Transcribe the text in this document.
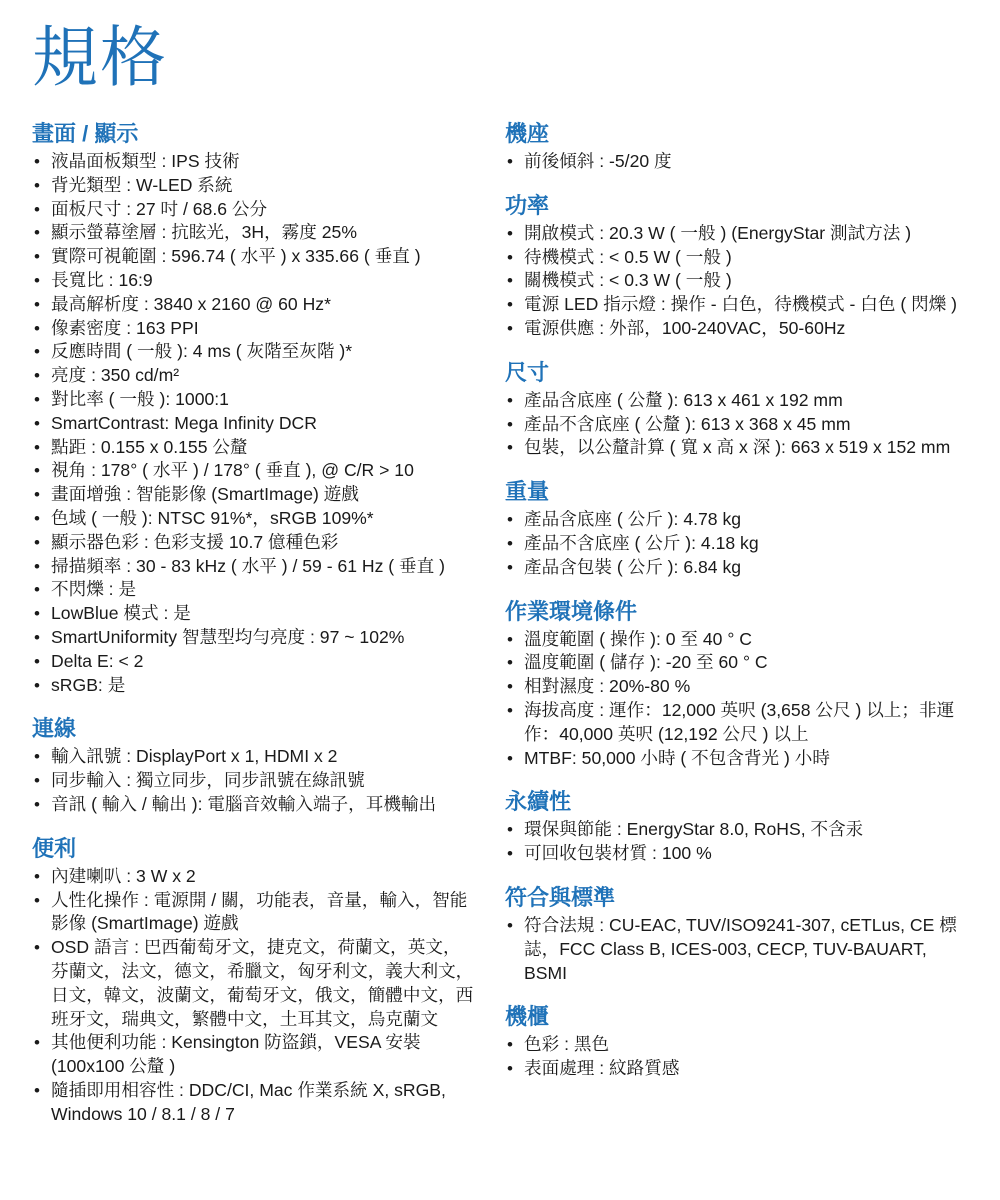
規格
畫面 / 顯示
• 液晶面板類型 : IPS 技術
• 背光類型 : W-LED 系統
• 面板尺寸 : 27 吋 / 68.6 公分
• 顯示螢幕塗層 : 抗眩光，3H，霧度 25%
• 實際可視範圍 : 596.74 ( 水平 ) x 335.66 ( 垂直 )
• 長寬比 : 16:9
• 最高解析度 : 3840 x 2160 @ 60 Hz*
• 像素密度 : 163 PPI
• 反應時間 ( 一般 ): 4 ms ( 灰階至灰階 )*
• 亮度 : 350 cd/m²
• 對比率 ( 一般 ): 1000:1
• SmartContrast: Mega Infinity DCR
• 點距 : 0.155 x 0.155 公釐
• 視角 : 178° ( 水平 ) / 178° ( 垂直 ), @ C/R > 10
• 畫面增強 : 智能影像 (SmartImage) 遊戲
• 色域 ( 一般 ): NTSC 91%*，sRGB 109%*
• 顯示器色彩 : 色彩支援 10.7 億種色彩
• 掃描頻率 : 30 - 83 kHz ( 水平 ) / 59 - 61 Hz ( 垂直 )
• 不閃爍 : 是
• LowBlue 模式 : 是
• SmartUniformity 智慧型均勻亮度 : 97 ~ 102%
• Delta E: < 2
• sRGB: 是
連線
• 輸入訊號 : DisplayPort x 1, HDMI x 2
• 同步輸入 : 獨立同步，同步訊號在綠訊號
• 音訊 ( 輸入 / 輸出 ): 電腦音效輸入端子，耳機輸出
便利
• 內建喇叭 : 3 W x 2
• 人性化操作 : 電源開 / 關，功能表，音量，輸入，智能影像 (SmartImage) 遊戲
• OSD 語言 : 巴西葡萄牙文，捷克文，荷蘭文，英文，芬蘭文，法文，德文，希臘文，匈牙利文，義大利文，日文，韓文，波蘭文，葡萄牙文，俄文，簡體中文，西班牙文，瑞典文，繁體中文，土耳其文，烏克蘭文
• 其他便利功能 : Kensington 防盜鎖，VESA 安裝 (100x100 公釐 )
• 隨插即用相容性 : DDC/CI, Mac 作業系統 X, sRGB, Windows 10 / 8.1 / 8 / 7
機座
• 前後傾斜 : -5/20 度
功率
• 開啟模式 : 20.3 W ( 一般 ) (EnergyStar 測試方法 )
• 待機模式 : < 0.5 W ( 一般 )
• 關機模式 : < 0.3 W ( 一般 )
• 電源 LED 指示燈 : 操作 - 白色，待機模式 - 白色 ( 閃爍 )
• 電源供應 : 外部，100-240VAC，50-60Hz
尺寸
• 產品含底座 ( 公釐 ): 613 x 461 x 192 mm
• 產品不含底座 ( 公釐 ): 613 x 368 x 45 mm
• 包裝，以公釐計算 ( 寬 x 高 x 深 ): 663 x 519 x 152 mm
重量
• 產品含底座 ( 公斤 ): 4.78 kg
• 產品不含底座 ( 公斤 ): 4.18 kg
• 產品含包裝 ( 公斤 ): 6.84 kg
作業環境條件
• 溫度範圍 ( 操作 ): 0 至 40 ° C
• 溫度範圍 ( 儲存 ): -20 至 60 ° C
• 相對濕度 : 20%-80 %
• 海拔高度 : 運作：12,000 英呎 (3,658 公尺 ) 以上；非運作：40,000 英呎 (12,192 公尺 ) 以上
• MTBF: 50,000 小時 ( 不包含背光 ) 小時
永續性
• 環保與節能 : EnergyStar 8.0, RoHS, 不含汞
• 可回收包裝材質 : 100 %
符合與標準
• 符合法規 : CU-EAC, TUV/ISO9241-307, cETLus, CE 標誌，FCC Class B, ICES-003, CECP, TUV-BAUART, BSMI
機櫃
• 色彩 : 黑色
• 表面處理 : 紋路質感
